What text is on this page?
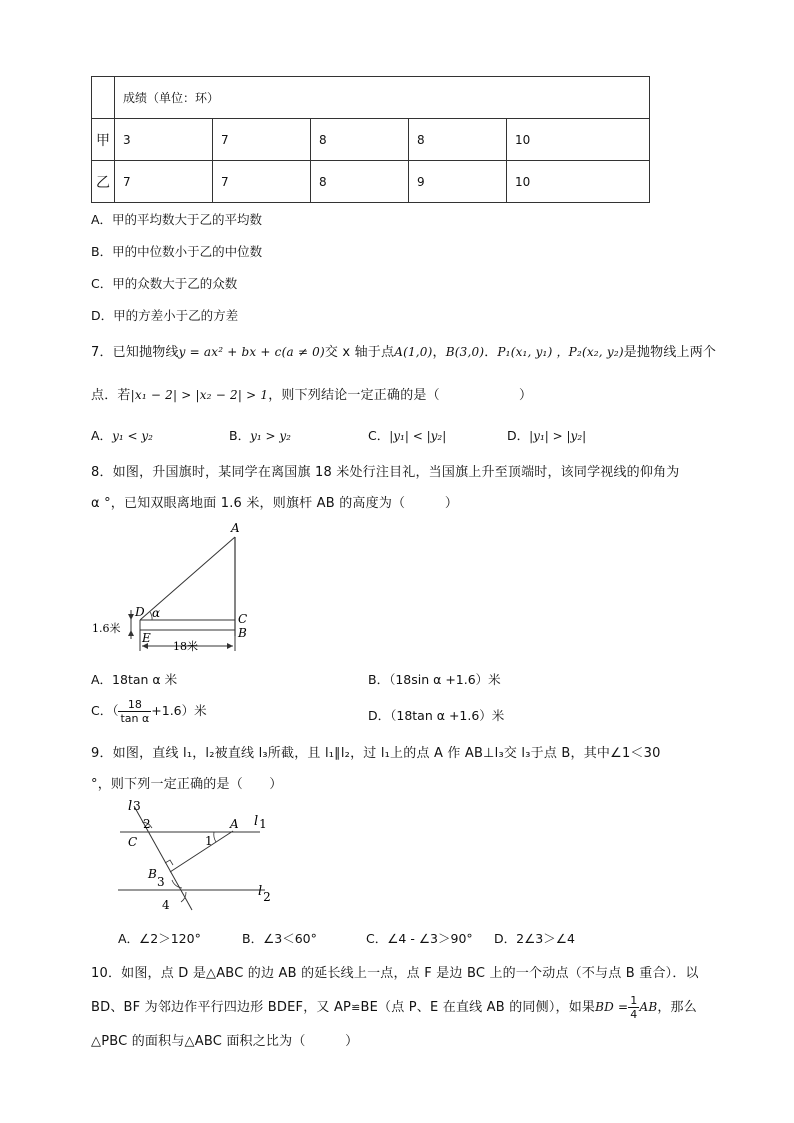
	成绩（单位：环）				
甲	3	7	8	8	10
乙	7	7	8	9	10
A．甲的平均数大于乙的平均数
B．甲的中位数小于乙的中位数
C．甲的众数大于乙的众数
D．甲的方差小于乙的方差
7．已知抛物线y = ax² + bx + c(a ≠ 0)交 x 轴于点A(1,0)，B(3,0)．P₁(x₁, y₁) ，P₂(x₂, y₂)是抛物线上两个
点．若|x₁ − 2| > |x₂ − 2| > 1，则下列结论一定正确的是（　　　　　　）
A．y₁ < y₂	B．y₁ > y₂	C．|y₁| < |y₂|	D．|y₁| > |y₂|
8．如图，升国旗时，某同学在离国旗 18 米处行注目礼，当国旗上升至顶端时，该同学视线的仰角为
α °，已知双眼离地面 1.6 米，则旗杆 AB 的高度为（　　　）
A
C
B
D
E
α
1.6米
18米
A．18tan α 米	B．（18sin α +1.6）米
C．（ $\frac{18}{\text{tan α}} +1.6$）米	D．（18tan α +1.6）米
9．如图，直线 l₁，l₂被直线 l₃所截，且 l₁∥l₂，过 l₁上的点 A 作 AB⊥l₃交 l₃于点 B，其中∠1＜30
°，则下列一定正确的是（　　）
l3
l1
l2
A
C
B
1
2
3
4
A．∠2＞120°	B．∠3＜60°	C．∠4 - ∠3＞90° D．2∠3＞∠4
10．如图，点 D 是△ABC 的边 AB 的延长线上一点，点 F 是边 BC 上的一个动点（不与点 B 重合）．以
BD、BF 为邻边作平行四边形 BDEF，又 AP≌BE（点 P、E 在直线 AB 的同侧），如果BD = $\frac{1}{4}$ AB，那么
△PBC 的面积与△ABC 面积之比为（　　　）
